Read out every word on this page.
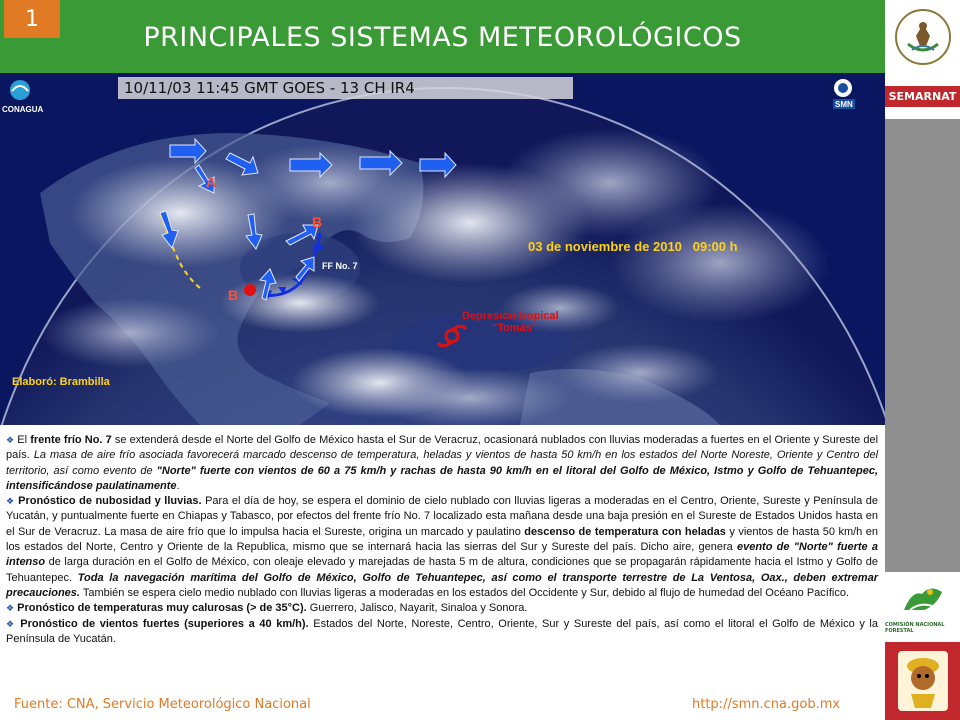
1
PRINCIPALES SISTEMAS METEOROLÓGICOS
SEMARNAT
COMISIÓN NACIONAL FORESTAL
10/11/03 11:45 GMT GOES - 13 CH IR4
CONAGUA
SMN
03 de noviembre de 2010   09:00 h
FF No. 7
A
B
B
Depresión tropical
"Tomás"
Elaboró: Brambilla

❖ El frente frío No. 7 se extenderá desde el Norte del Golfo de México hasta el Sur de Veracruz, ocasionará nublados con lluvias moderadas a fuertes en el Oriente y Sureste del país. La masa de aire frío asociada favorecerá marcado descenso de temperatura, heladas y vientos de hasta 50 km/h en los estados del Norte Noreste, Oriente y Centro del territorio, así como evento de "Norte" fuerte con vientos de 60 a 75 km/h y rachas de hasta 90 km/h en el litoral del Golfo de México, Istmo y Golfo de Tehuantepec, intensificándose paulatinamente.

❖ Pronóstico de nubosidad y lluvias. Para el día de hoy, se espera el dominio de cielo nublado con lluvias ligeras a moderadas en el Centro, Oriente, Sureste y Península de Yucatán, y puntualmente fuerte en Chiapas y Tabasco, por efectos del frente frío No. 7 localizado esta mañana desde una baja presión en el Sureste de Estados Unidos hasta en el Sur de Veracruz. La masa de aire frío que lo impulsa hacia el Sureste, origina un marcado y paulatino descenso de temperatura con heladas y vientos de hasta 50 km/h en los estados del Norte, Centro y Oriente de la Republica, mismo que se internará hacia las sierras del Sur y Sureste del país. Dicho aire, genera evento de "Norte" fuerte a intenso de larga duración en el Golfo de México, con oleaje elevado y marejadas de hasta 5 m de altura, condiciones que se propagarán rápidamente hacia el Istmo y Golfo de Tehuantepec. Toda la navegación marítima del Golfo de México, Golfo de Tehuantepec, así como el transporte terrestre de La Ventosa, Oax., deben extremar precauciones. También se espera cielo medio nublado con lluvias ligeras a moderadas en los estados del Occidente y Sur, debido al flujo de humedad del Océano Pacífico.

❖ Pronóstico de temperaturas muy calurosas (> de 35°C). Guerrero, Jalisco, Nayarit, Sinaloa y Sonora.

❖ Pronóstico de vientos fuertes (superiores a 40 km/h). Estados del Norte, Noreste, Centro, Oriente, Sur y Sureste del país, así como el litoral el Golfo de México y la Península de Yucatán.

Fuente: CNA, Servicio Meteorológico Nacional	http://smn.cna.gob.mx
